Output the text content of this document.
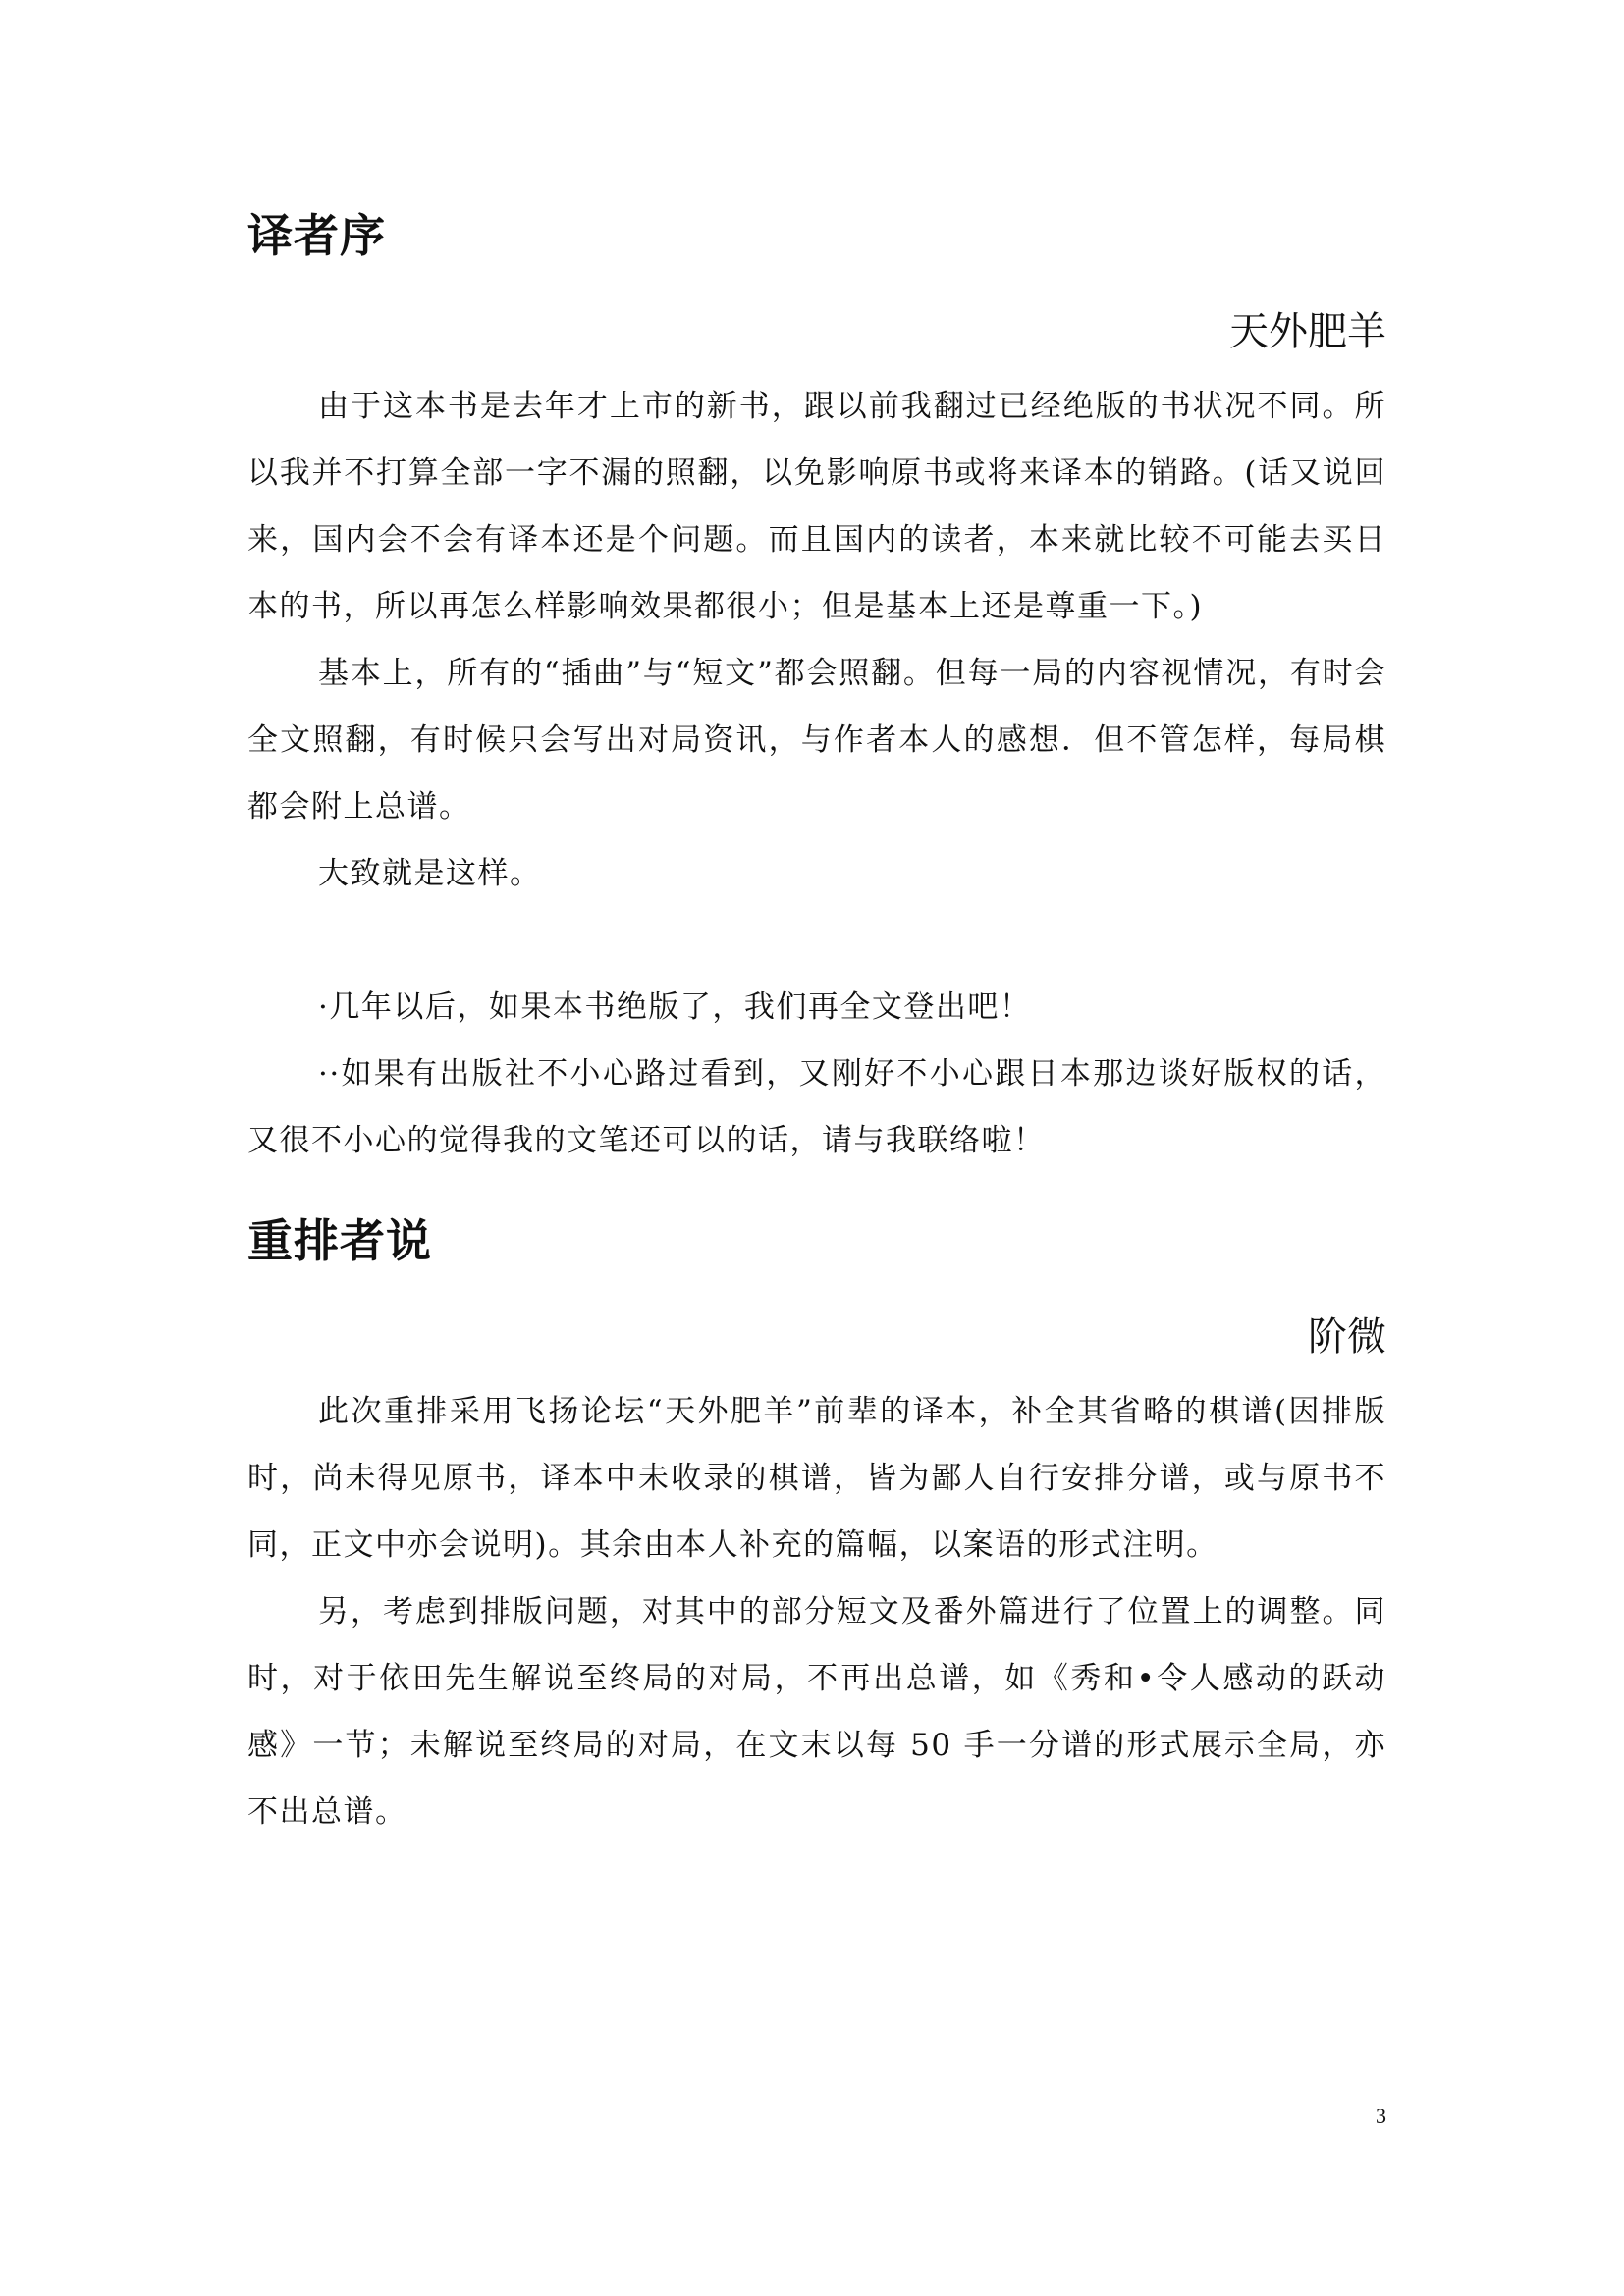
译者序
天外肥羊

由于这本书是去年才上市的新书，跟以前我翻过已经绝版的书状况不同。所以我并不打算全部一字不漏的照翻，以免影响原书或将来译本的销路。(话又说回来，国内会不会有译本还是个问题。而且国内的读者，本来就比较不可能去买日本的书，所以再怎么样影响效果都很小；但是基本上还是尊重一下。)

基本上，所有的“插曲”与“短文”都会照翻。但每一局的内容视情况，有时会全文照翻，有时候只会写出对局资讯，与作者本人的感想．但不管怎样，每局棋都会附上总谱。

大致就是这样。

·几年以后，如果本书绝版了，我们再全文登出吧！

··如果有出版社不小心路过看到，又刚好不小心跟日本那边谈好版权的话，又很不小心的觉得我的文笔还可以的话，请与我联络啦！

重排者说
阶微

此次重排采用飞扬论坛“天外肥羊”前辈的译本，补全其省略的棋谱(因排版时，尚未得见原书，译本中未收录的棋谱，皆为鄙人自行安排分谱，或与原书不同，正文中亦会说明)。其余由本人补充的篇幅，以案语的形式注明。

另，考虑到排版问题，对其中的部分短文及番外篇进行了位置上的调整。同时，对于依田先生解说至终局的对局，不再出总谱，如《秀和•令人感动的跃动感》一节；未解说至终局的对局，在文末以每 50 手一分谱的形式展示全局，亦不出总谱。

3
